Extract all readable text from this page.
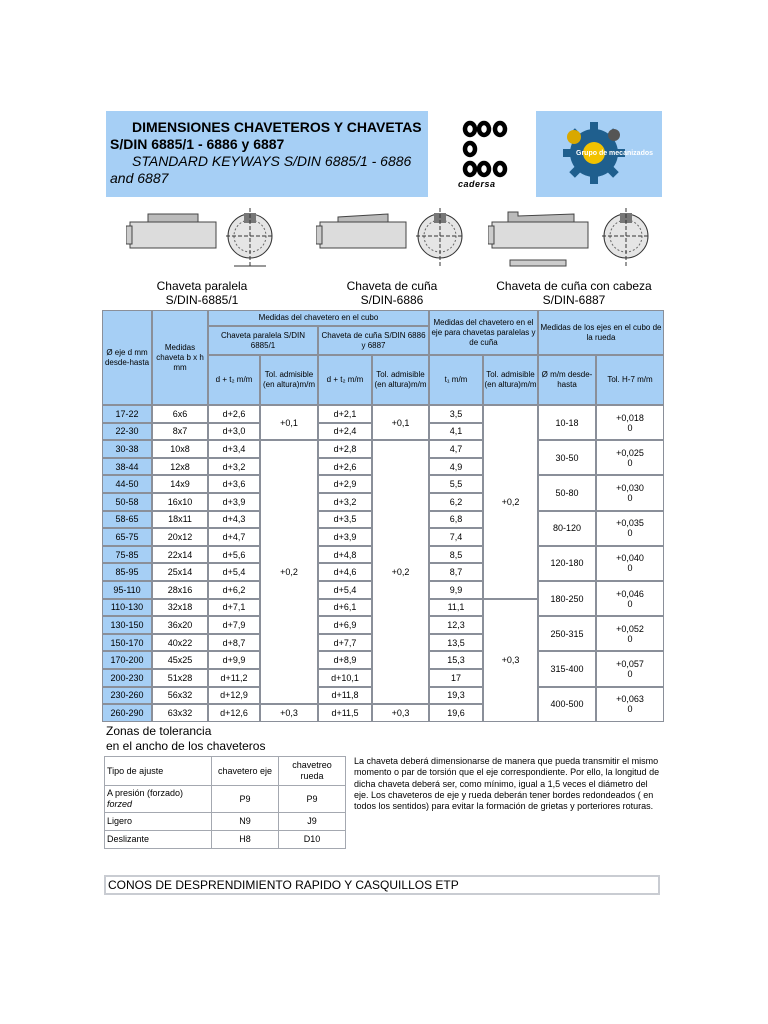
DIMENSIONES CHAVETEROS Y CHAVETAS S/DIN 6885/1 - 6886 y 6887
STANDARD KEYWAYS S/DIN 6885/1 - 6886 and 6887	cadersa
Grupo de mecanizados
Chaveta paralela
S/DIN-6885/1
Chaveta de cuña
S/DIN-6886
Chaveta de cuña con cabeza
S/DIN-6887
Ø eje d mm desde-hasta	Medidas chaveta b x h mm	Medidas del chavetero en el cubo				Medidas del chavetero en el eje para chavetas paralelas y de cuña		Medidas de los ejes en el cubo de la rueda	
		Chaveta paralela S/DIN 6885/1		Chaveta de cuña S/DIN 6886 y 6887					
		d + t₂ m/m	Tol. admisible (en altura)m/m	d + t₂ m/m	Tol. admisible (en altura)m/m	t₁ m/m	Tol. admisible (en altura)m/m	Ø m/m desde-hasta	Tol. H-7 m/m
17-22	6x6	d+2,6	+0,1	d+2,1	+0,1	3,5	+0,2	10-18	+0,018
0

22-30	8x7	d+3,0		d+2,4		4,1			
30-38	10x8	d+3,4	+0,2	d+2,8	+0,2	4,7		30-50	+0,025
0

38-44	12x8	d+3,2		d+2,6		4,9			
44-50	14x9	d+3,6		d+2,9		5,5		50-80	+0,030
0

50-58	16x10	d+3,9		d+3,2		6,2			
58-65	18x11	d+4,3		d+3,5		6,8		80-120	+0,035
0

65-75	20x12	d+4,7		d+3,9		7,4			
75-85	22x14	d+5,6		d+4,8		8,5		120-180	+0,040
0

85-95	25x14	d+5,4		d+4,6		8,7			
95-110	28x16	d+6,2		d+5,4		9,9		180-250	+0,046
0

110-130	32x18	d+7,1		d+6,1		11,1	+0,3		
130-150	36x20	d+7,9		d+6,9		12,3		250-315	+0,052
0

150-170	40x22	d+8,7		d+7,7		13,5			
170-200	45x25	d+9,9		d+8,9		15,3		315-400	+0,057
0

200-230	51x28	d+11,2		d+10,1		17			
230-260	56x32	d+12,9		d+11,8		19,3		400-500	+0,063
0

260-290	63x32	d+12,6	+0,3	d+11,5	+0,3	19,6			
Zonas de tolerancia
en el ancho de los chaveteros
Tipo de ajuste	chavetero eje	chavetreo rueda

A presión (forzado)
forzed	P9	P9
Ligero	N9	J9
Deslizante	H8	D10
La chaveta deberá dimensionarse de manera que pueda transmitir el mismo momento o par de torsión que el eje correspondiente. Por ello, la longitud de dicha chaveta deberá ser, como mínimo, igual a 1,5 veces el diámetro del eje. Los chaveteros de eje y rueda deberán tener bordes redondeados ( en todos los sentidos) para evitar la formación de grietas y porteriores roturas.
CONOS DE DESPRENDIMIENTO RAPIDO Y CASQUILLOS ETP
